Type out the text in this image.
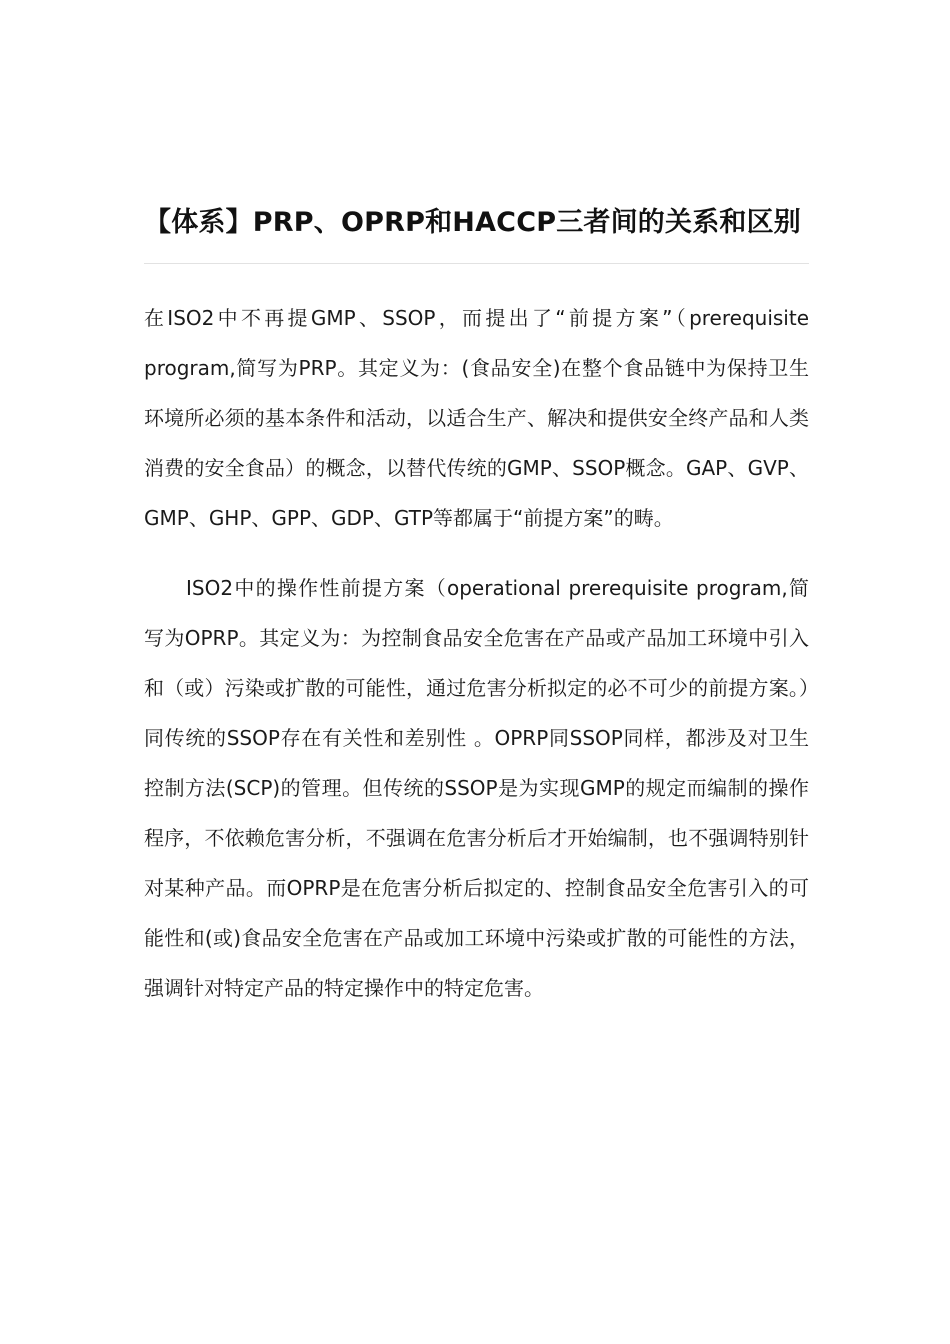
【体系】PRP、OPRP和HACCP三者间的关系和区别

在ISO2中不再提GMP、SSOP，而提出了“前提方案”（prerequisite program,简写为PRP。其定义为：(食品安全)在整个食品链中为保持卫生环境所必须的基本条件和活动，以适合生产、解决和提供安全终产品和人类消费的安全食品）的概念，以替代传统的GMP、SSOP概念。GAP、GVP、GMP、GHP、GPP、GDP、GTP等都属于“前提方案”的畴。

ISO2中的操作性前提方案（operational prerequisite program,简写为OPRP。其定义为：为控制食品安全危害在产品或产品加工环境中引入和（或）污染或扩散的可能性，通过危害分析拟定的必不可少的前提方案。）同传统的SSOP存在有关性和差别性 。OPRP同SSOP同样，都涉及对卫生控制方法(SCP)的管理。但传统的SSOP是为实现GMP的规定而编制的操作程序，不依赖危害分析，不强调在危害分析后才开始编制，也不强调特别针对某种产品。而OPRP是在危害分析后拟定的、控制食品安全危害引入的可能性和(或)食品安全危害在产品或加工环境中污染或扩散的可能性的方法，强调针对特定产品的特定操作中的特定危害。
